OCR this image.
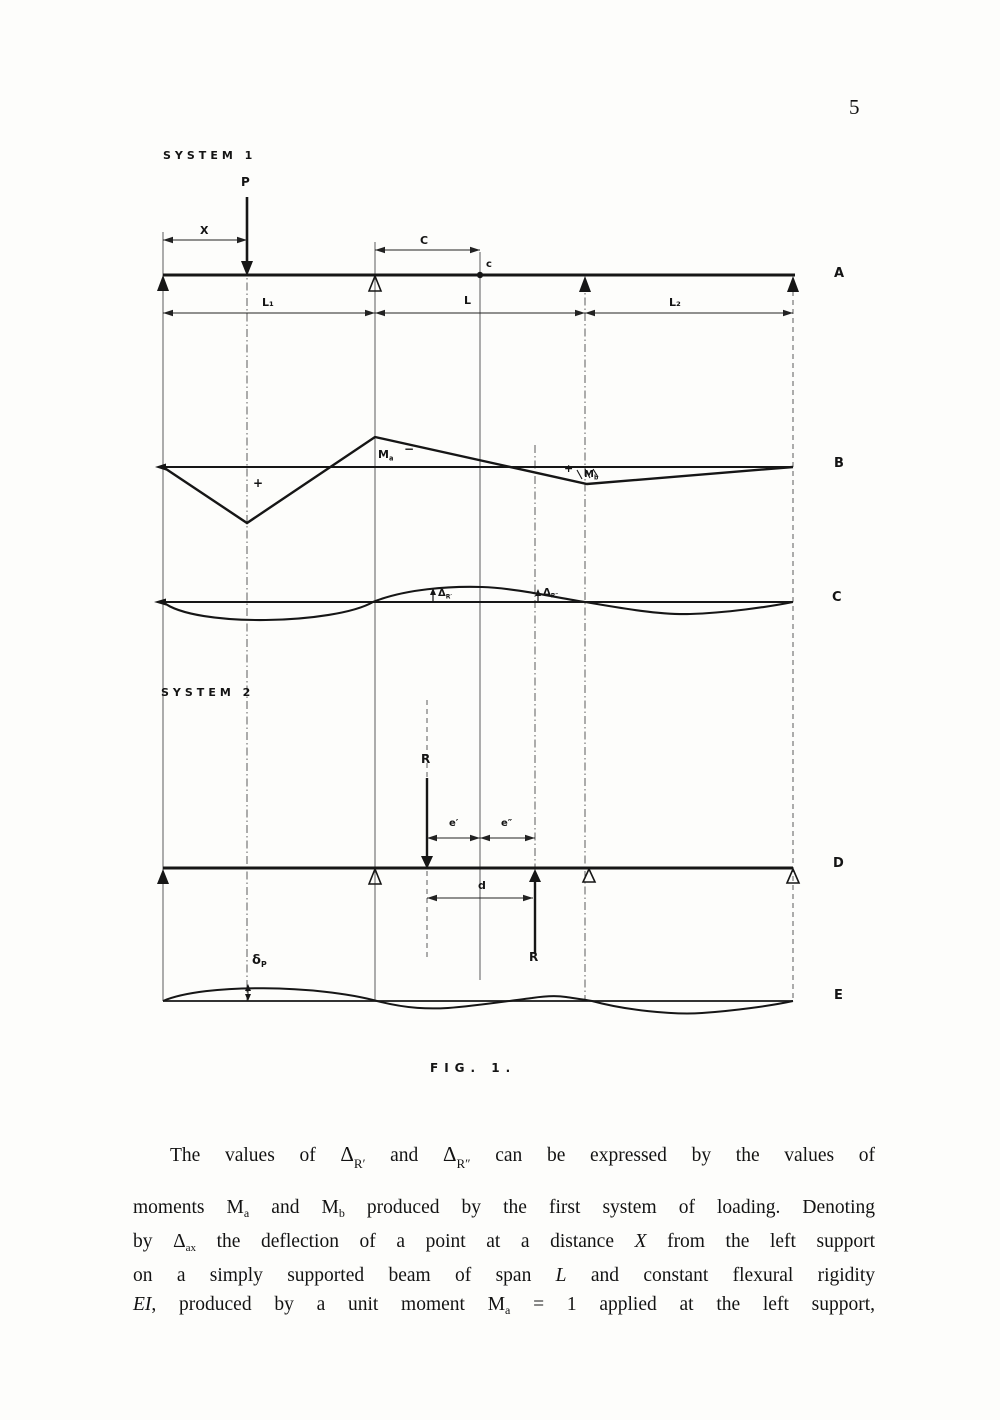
5
SYSTEM 1
SYSTEM 2
P
X
C
c
L₁	L	L₂
A
B
C
D
E
+
$M_a$
−
+ $M_b$
$\Delta_{R'}$	$\Delta_{R''}$
R
e′	e″
d
R
$\delta_P$
FIG. 1.
The values of $\Delta_{R'}$ and $\Delta_{R''}$ can be expressed by the values of
moments $M_a$ and $M_b$ produced by the first system of loading. Denoting
by $\Delta_{ax}$ the deflection of a point at a distance X from the left support
on a simply supported beam of span L and constant flexural rigidity
EI, produced by a unit moment $M_a = 1$ applied at the left support,
